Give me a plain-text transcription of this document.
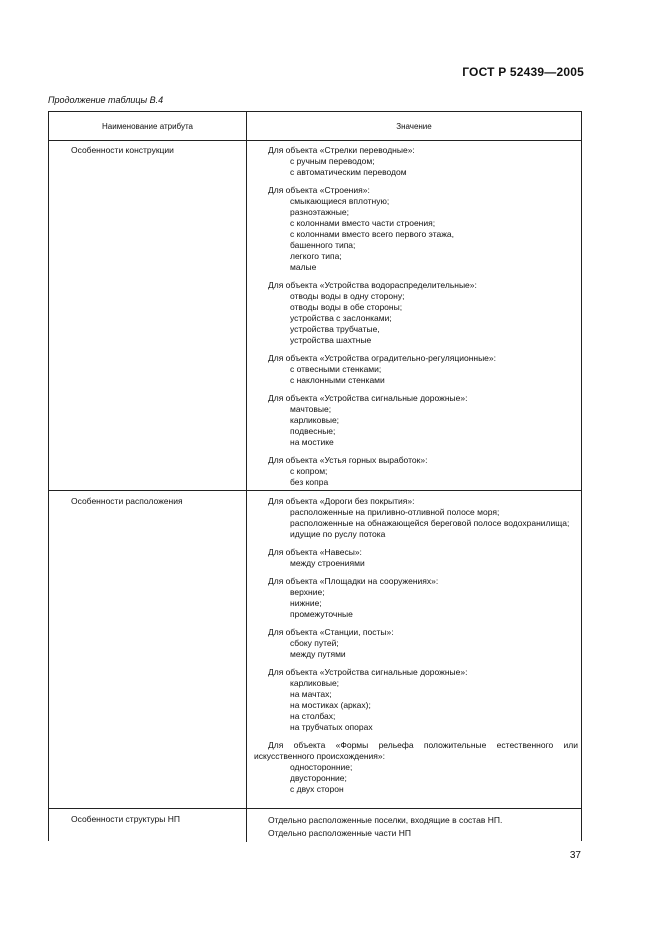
ГОСТ Р 52439—2005
Продолжение таблицы В.4
Наименование атрибута	Значение
Особенности конструкции	Для объекта «Стрелки переводные»:
с ручным переводом;
с автоматическим переводом
Для объекта «Строения»:
смыкающиеся вплотную;
разноэтажные;
с колоннами вместо части строения;
с колоннами вместо всего первого этажа,
башенного типа;
легкого типа;
малые
Для объекта «Устройства водораспределительные»:
отводы воды в одну сторону;
отводы воды в обе стороны;
устройства с заслонками;
устройства трубчатые,
устройства шахтные
Для объекта «Устройства оградительно-регуляционные»:
с отвесными стенками;
с наклонными стенками
Для объекта «Устройства сигнальные дорожные»:
мачтовые;
карликовые;
подвесные;
на мостике
Для объекта «Устья горных выработок»:
с копром;
без копра
Особенности расположения	Для объекта «Дороги без покрытия»:
расположенные на приливно-отливной полосе моря;
расположенные на обнажающейся береговой полосе водохранилища;
идущие по руслу потока
Для объекта «Навесы»:
между строениями
Для объекта «Площадки на сооружениях»:
верхние;
нижние;
промежуточные
Для объекта «Станции, посты»:
сбоку путей;
между путями
Для объекта «Устройства сигнальные дорожные»:
карликовые;
на мачтах;
на мостиках (арках);
на столбах;
на трубчатых опорах
Для объекта «Формы рельефа положительные естественного или искусственного происхождения»:
односторонние;
двусторонние;
с двух сторон
Особенности структуры НП	Отдельно расположенные поселки, входящие в состав НП.
Отдельно расположенные части НП
37
